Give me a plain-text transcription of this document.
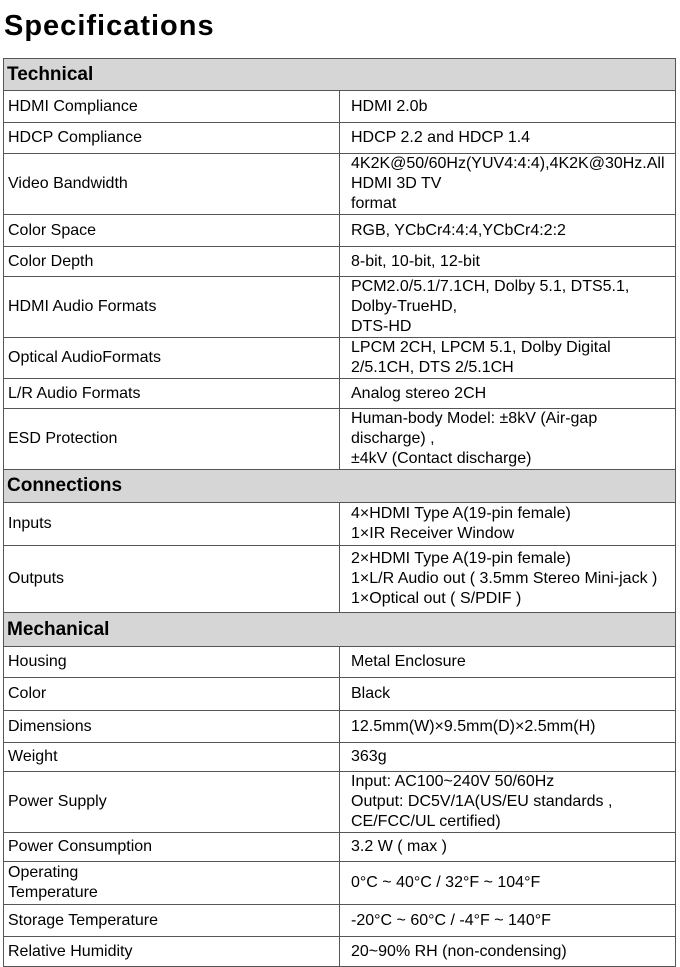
Specifications
Technical	
HDMI Compliance	HDMI 2.0b

HDCP Compliance	HDCP 2.2 and HDCP 1.4

Video Bandwidth	4K2K@50/60Hz(YUV4:4:4),4K2K@30Hz.All HDMI 3D TV
format

Color Space	RGB, YCbCr4:4:4,YCbCr4:2:2

Color Depth	8-bit, 10-bit, 12-bit

HDMI Audio Formats	PCM2.0/5.1/7.1CH, Dolby 5.1, DTS5.1, Dolby-TrueHD,
DTS-HD

Optical AudioFormats	LPCM 2CH, LPCM 5.1, Dolby Digital 2/5.1CH, DTS 2/5.1CH

L/R Audio Formats	Analog stereo 2CH

ESD Protection	Human-body Model: ±8kV (Air-gap discharge) ,
±4kV (Contact discharge)

Connections	
Inputs	4×HDMI Type A(19-pin female)
1×IR Receiver Window

Outputs	2×HDMI Type A(19-pin female)
1×L/R Audio out ( 3.5mm Stereo Mini-jack )
1×Optical out ( S/PDIF )

Mechanical	
Housing	Metal Enclosure

Color	Black

Dimensions	12.5mm(W)×9.5mm(D)×2.5mm(H)

Weight	363g

Power Supply	Input: AC100~240V 50/60Hz
Output: DC5V/1A(US/EU standards , CE/FCC/UL certified)

Power Consumption	3.2 W ( max )

Operating
Temperature	0°C ~ 40°C / 32°F ~ 104°F

Storage Temperature	-20°C ~ 60°C / -4°F ~ 140°F

Relative Humidity	20~90% RH (non-condensing)
